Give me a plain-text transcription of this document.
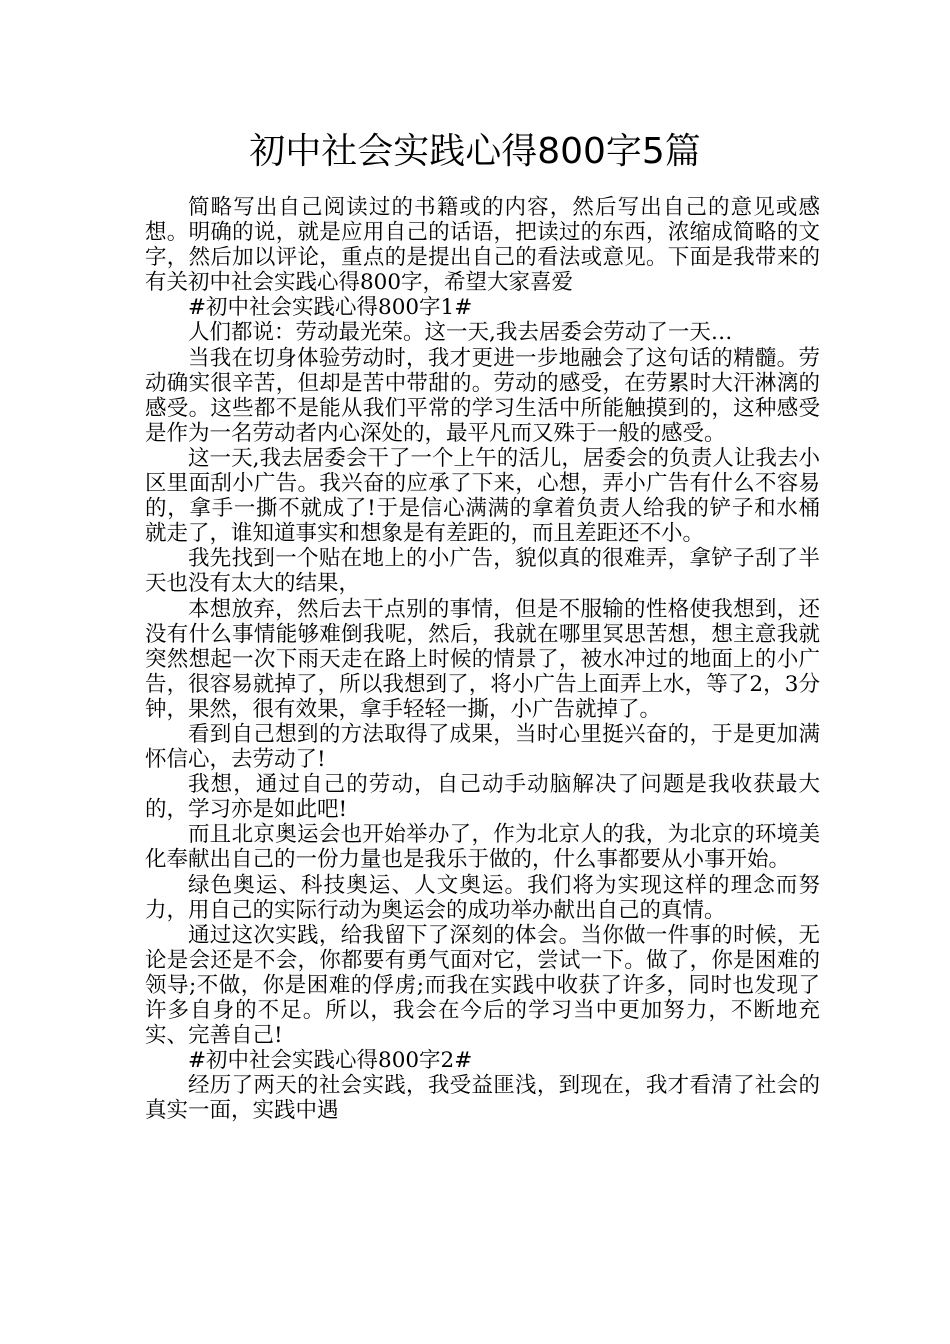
初中社会实践心得800字5篇

简略写出自己阅读过的书籍或的内容，然后写出自己的意见或感想。明确的说，就是应用自己的话语，把读过的东西，浓缩成简略的文字，然后加以评论，重点的是提出自己的看法或意见。下面是我带来的有关初中社会实践心得800字，希望大家喜爱

#初中社会实践心得800字1#

人们都说：劳动最光荣。这一天,我去居委会劳动了一天…

当我在切身体验劳动时，我才更进一步地融会了这句话的精髓。劳动确实很辛苦，但却是苦中带甜的。劳动的感受，在劳累时大汗淋漓的感受。这些都不是能从我们平常的学习生活中所能触摸到的，这种感受是作为一名劳动者内心深处的，最平凡而又殊于一般的感受。

这一天,我去居委会干了一个上午的活儿，居委会的负责人让我去小区里面刮小广告。我兴奋的应承了下来，心想，弄小广告有什么不容易的，拿手一撕不就成了!于是信心满满的拿着负责人给我的铲子和水桶就走了，谁知道事实和想象是有差距的，而且差距还不小。

我先找到一个贴在地上的小广告，貌似真的很难弄，拿铲子刮了半天也没有太大的结果，

本想放弃，然后去干点别的事情，但是不服输的性格使我想到，还没有什么事情能够难倒我呢，然后，我就在哪里冥思苦想，想主意我就突然想起一次下雨天走在路上时候的情景了，被水冲过的地面上的小广告，很容易就掉了，所以我想到了，将小广告上面弄上水，等了2，3分钟，果然，很有效果，拿手轻轻一撕，小广告就掉了。

看到自己想到的方法取得了成果，当时心里挺兴奋的，于是更加满怀信心，去劳动了!

我想，通过自己的劳动，自己动手动脑解决了问题是我收获最大的，学习亦是如此吧!

而且北京奥运会也开始举办了，作为北京人的我，为北京的环境美化奉献出自己的一份力量也是我乐于做的，什么事都要从小事开始。

绿色奥运、科技奥运、人文奥运。我们将为实现这样的理念而努力，用自己的实际行动为奥运会的成功举办献出自己的真情。

通过这次实践，给我留下了深刻的体会。当你做一件事的时候，无论是会还是不会，你都要有勇气面对它，尝试一下。做了，你是困难的领导;不做，你是困难的俘虏;而我在实践中收获了许多，同时也发现了许多自身的不足。所以，我会在今后的学习当中更加努力，不断地充实、完善自己!

#初中社会实践心得800字2#

经历了两天的社会实践，我受益匪浅，到现在，我才看清了社会的真实一面，实践中遇
